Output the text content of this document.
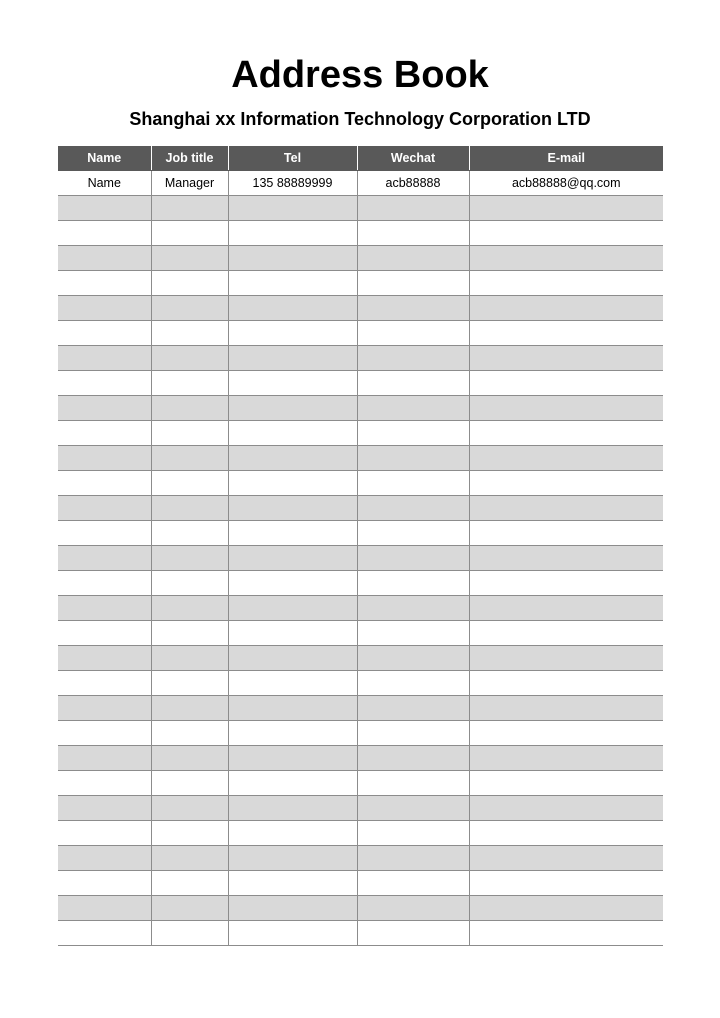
Address Book
Shanghai xx Information Technology Corporation LTD
Name	Job title	Tel	Wechat	E-mail
Name	Manager	135 88889999	acb88888	acb88888@qq.com
